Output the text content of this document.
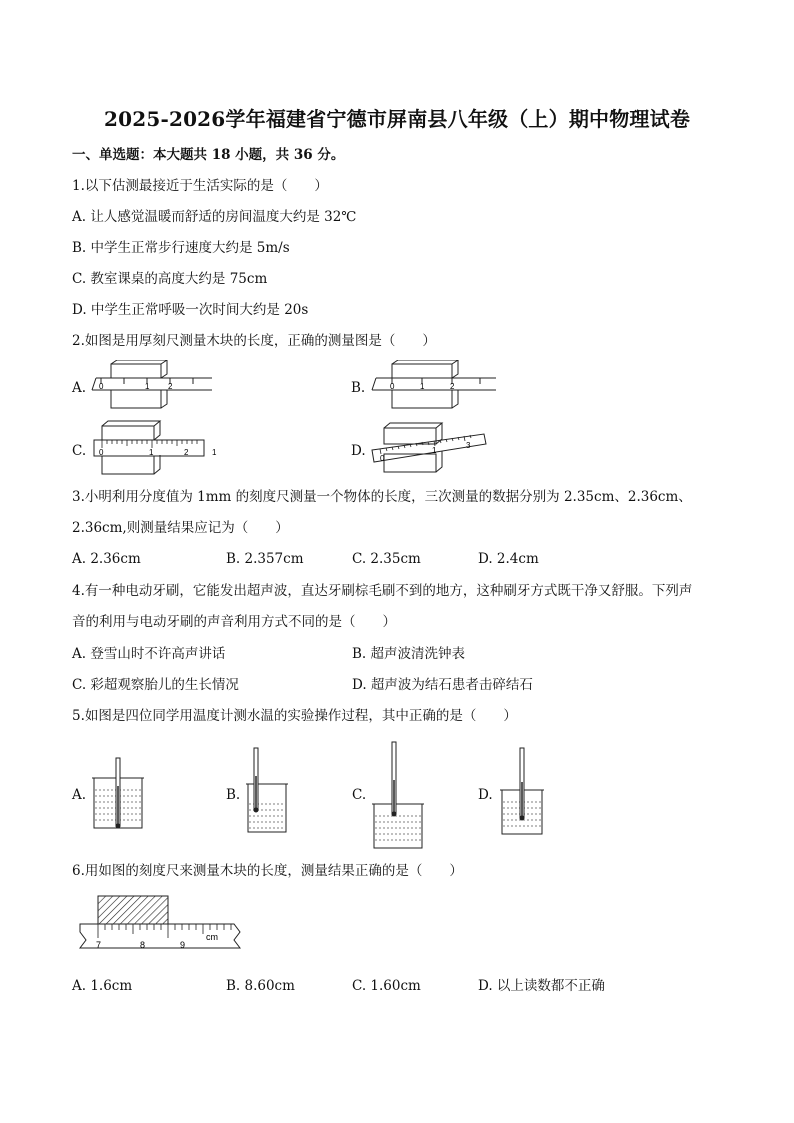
2025-2026学年福建省宁德市屏南县八年级（上）期中物理试卷
一、单选题：本大题共 18 小题，共 36 分。
1.以下估测最接近于生活实际的是（　　）
A. 让人感觉温暖而舒适的房间温度大约是 32℃
B. 中学生正常步行速度大约是 5m/s
C. 教室课桌的高度大约是 75cm
D. 中学生正常呼吸一次时间大约是 20s
2.如图是用厚刻尺测量木块的长度，正确的测量图是（　　）
A.	B.
C.	D.
0	1 2	0	1	2
0	1	2	1
0
1
3
3.小明利用分度值为 1mm 的刻度尺测量一个物体的长度，三次测量的数据分别为 2.35cm、2.36cm、
2.36cm,则测量结果应记为（　　）
A. 2.36cm	B. 2.357cm	C. 2.35cm	D. 2.4cm
4.有一种电动牙刷，它能发出超声波，直达牙刷棕毛刷不到的地方，这种刷牙方式既干净又舒服。下列声
音的利用与电动牙刷的声音利用方式不同的是（　　）
A. 登雪山时不许高声讲话	B. 超声波清洗钟表
C. 彩超观察胎儿的生长情况	D. 超声波为结石患者击碎结石
5.如图是四位同学用温度计测水温的实验操作过程，其中正确的是（　　）
A.	B.	C.	D.
6.用如图的刻度尺来测量木块的长度，测量结果正确的是（　　）
7	8	9
cm
A. 1.6cm	B. 8.60cm	C. 1.60cm	D. 以上读数都不正确
